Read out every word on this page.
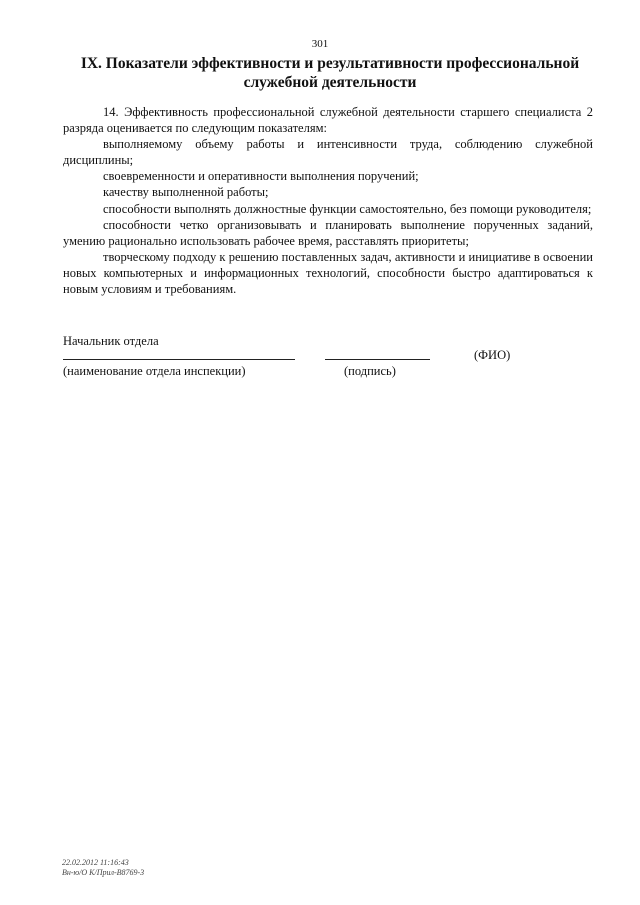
301
IX. Показатели эффективности и результативности профессиональной служебной деятельности

14. Эффективность профессиональной служебной деятельности старшего специалиста 2 разряда оценивается по следующим показателям:

выполняемому объему работы и интенсивности труда, соблюдению служебной дисциплины;

своевременности и оперативности выполнения поручений;

качеству выполненной работы;

способности выполнять должностные функции самостоятельно, без помощи руководителя;

способности четко организовывать и планировать выполнение порученных заданий, умению рационально использовать рабочее время, расставлять приоритеты;

творческому подходу к решению поставленных задач, активности и инициативе в освоении новых компьютерных и информационных технологий, способности быстро адаптироваться к новым условиям и требованиям.

Начальник отдела
(ФИО)
(наименование отдела инспекции)	(подпись)
22.02.2012 11:16:43
Вн-ю/О К/Прил-В8769-3
